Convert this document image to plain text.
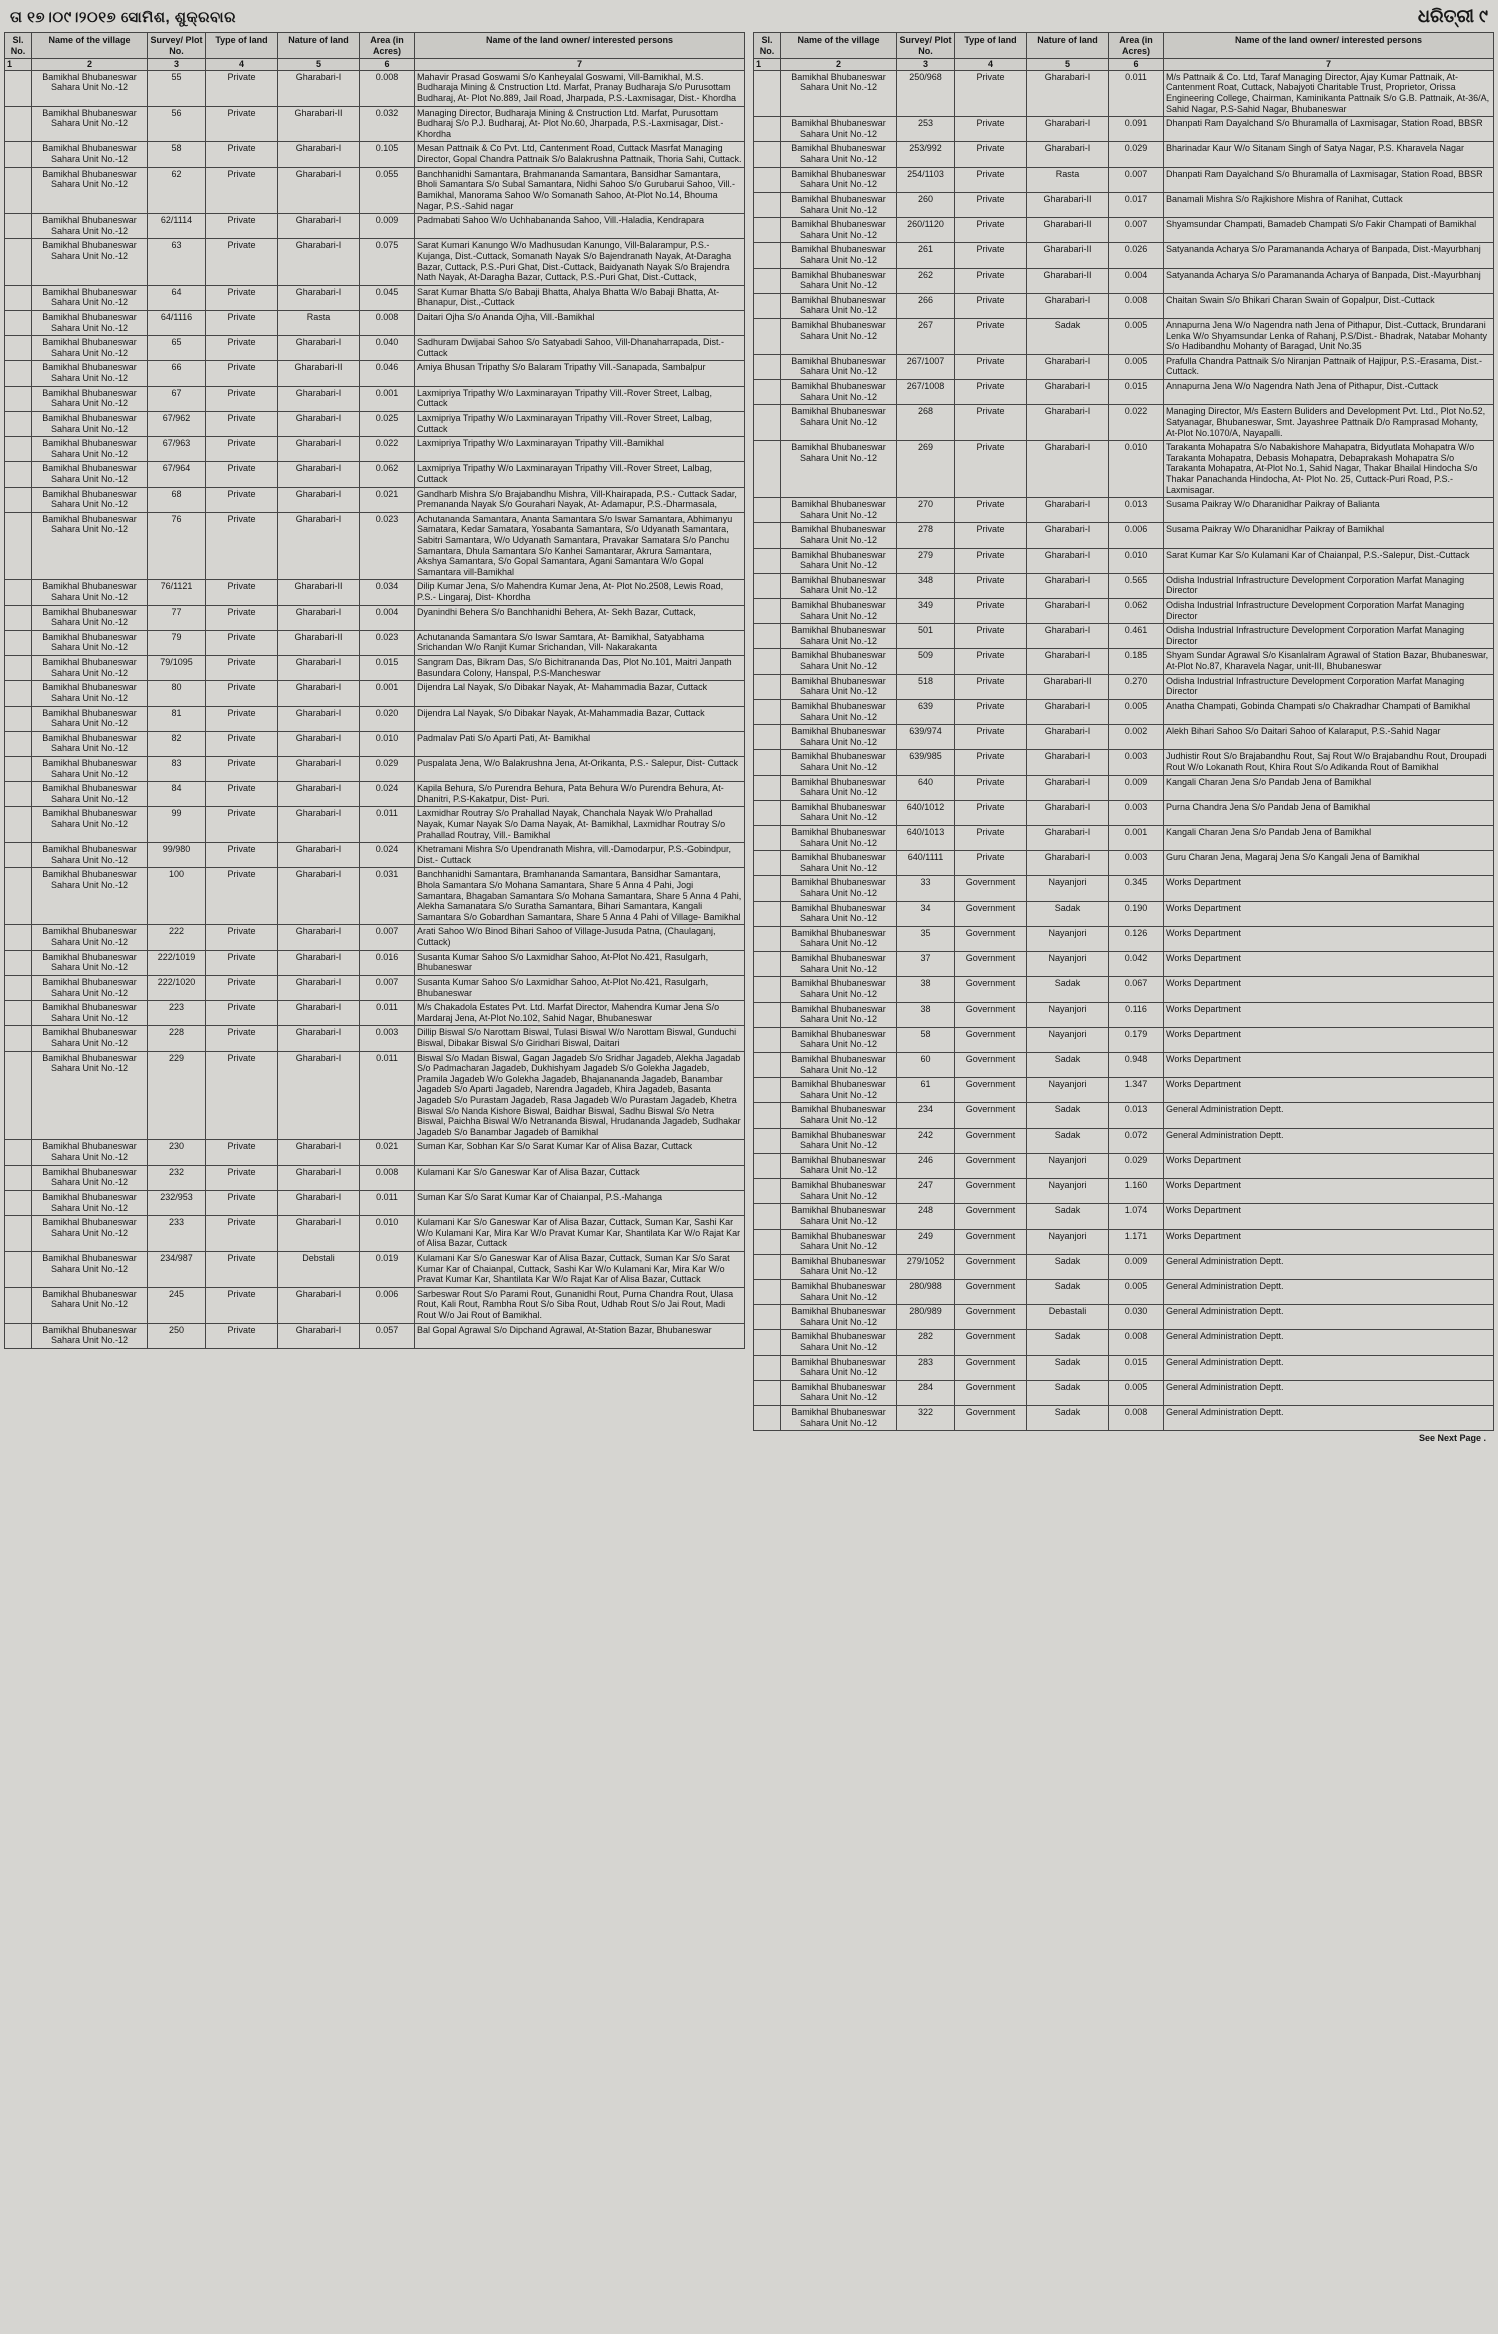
ତା ୧୭।୦୯।୨୦୧୭ ସୋମିଶ, ଶୁକ୍ରବାର	ଧରିତ୍ରୀ ୯
Sl. No.	Name of the village	Survey/ Plot No.	Type of land	Nature of land	Area (in Acres)	Name of the land owner/ interested persons
1	2	3	4	5	6	7
	Bamikhal Bhubaneswar Sahara Unit No.-12	55	Private	Gharabari-I	0.008	Mahavir Prasad Goswami S/o Kanheyalal Goswami, Vill-Bamikhal, M.S. Budharaja Mining & Cnstruction Ltd. Marfat, Pranay Budharaja S/o Purusottam Budharaj, At- Plot No.889, Jail Road, Jharpada, P.S.-Laxmisagar, Dist.- Khordha
	Bamikhal Bhubaneswar Sahara Unit No.-12	56	Private	Gharabari-II	0.032	Managing Director, Budharaja Mining & Cnstruction Ltd. Marfat, Purusottam Budharaj S/o P.J. Budharaj, At- Plot No.60, Jharpada, P.S.-Laxmisagar, Dist.-Khordha
	Bamikhal Bhubaneswar Sahara Unit No.-12	58	Private	Gharabari-I	0.105	Mesan Pattnaik & Co Pvt. Ltd, Cantenment Road, Cuttack Masrfat Managing Director, Gopal Chandra Pattnaik S/o Balakrushna Pattnaik, Thoria Sahi, Cuttack.
	Bamikhal Bhubaneswar Sahara Unit No.-12	62	Private	Gharabari-I	0.055	Banchhanidhi Samantara, Brahmananda Samantara, Bansidhar Samantara, Bholi Samantara S/o Subal Samantara, Nidhi Sahoo S/o Gurubarui Sahoo, Vill.-Bamikhal, Manorama Sahoo W/o Somanath Sahoo, At-Plot No.14, Bhouma Nagar, P.S.-Sahid nagar
	Bamikhal Bhubaneswar Sahara Unit No.-12	62/1114	Private	Gharabari-I	0.009	Padmabati Sahoo W/o Uchhabananda Sahoo, Vill.-Haladia, Kendrapara
	Bamikhal Bhubaneswar Sahara Unit No.-12	63	Private	Gharabari-I	0.075	Sarat Kumari Kanungo W/o Madhusudan Kanungo, Vill-Balarampur, P.S.-Kujanga, Dist.-Cuttack, Somanath Nayak S/o Bajendranath Nayak, At-Daragha Bazar, Cuttack, P.S.-Puri Ghat, Dist.-Cuttack, Baidyanath Nayak S/o Brajendra Nath Nayak, At-Daragha Bazar, Cuttack, P.S.-Puri Ghat, Dist.-Cuttack,
	Bamikhal Bhubaneswar Sahara Unit No.-12	64	Private	Gharabari-I	0.045	Sarat Kumar Bhatta S/o Babaji Bhatta, Ahalya Bhatta W/o Babaji Bhatta, At-Bhanapur, Dist.,-Cuttack
	Bamikhal Bhubaneswar Sahara Unit No.-12	64/1116	Private	Rasta	0.008	Daitari Ojha S/o Ananda Ojha, Vill.-Bamikhal
	Bamikhal Bhubaneswar Sahara Unit No.-12	65	Private	Gharabari-I	0.040	Sadhuram Dwijabai Sahoo S/o Satyabadi Sahoo, Vill-Dhanaharrapada, Dist.-Cuttack
	Bamikhal Bhubaneswar Sahara Unit No.-12	66	Private	Gharabari-II	0.046	Amiya Bhusan Tripathy S/o Balaram Tripathy Vill.-Sanapada, Sambalpur
	Bamikhal Bhubaneswar Sahara Unit No.-12	67	Private	Gharabari-I	0.001	Laxmipriya Tripathy W/o Laxminarayan Tripathy Vill.-Rover Street, Lalbag, Cuttack
	Bamikhal Bhubaneswar Sahara Unit No.-12	67/962	Private	Gharabari-I	0.025	Laxmipriya Tripathy W/o Laxminarayan Tripathy Vill.-Rover Street, Lalbag, Cuttack
	Bamikhal Bhubaneswar Sahara Unit No.-12	67/963	Private	Gharabari-I	0.022	Laxmipriya Tripathy W/o Laxminarayan Tripathy Vill.-Bamikhal
	Bamikhal Bhubaneswar Sahara Unit No.-12	67/964	Private	Gharabari-I	0.062	Laxmipriya Tripathy W/o Laxminarayan Tripathy Vill.-Rover Street, Lalbag, Cuttack
	Bamikhal Bhubaneswar Sahara Unit No.-12	68	Private	Gharabari-I	0.021	Gandharb Mishra S/o Brajabandhu Mishra, Vill-Khairapada, P.S.- Cuttack Sadar, Premananda Nayak S/o Gourahari Nayak, At- Adamapur, P.S.-Dharmasala,
	Bamikhal Bhubaneswar Sahara Unit No.-12	76	Private	Gharabari-I	0.023	Achutananda Samantara, Ananta Samantara S/o Iswar Samantara, Abhimanyu Samatara, Kedar Samatara, Yosabanta Samantara, S/o Udyanath Samantara, Sabitri Samantara, W/o Udyanath Samantara, Pravakar Samatara S/o Panchu Samantara, Dhula Samantara S/o Kanhei Samantarar, Akrura Samantara, Akshya Samantara, S/o Gopal Samantara, Agani Samantara W/o Gopal Samantara vill-Bamikhal
	Bamikhal Bhubaneswar Sahara Unit No.-12	76/1121	Private	Gharabari-II	0.034	Dilip Kumar Jena, S/o Mahendra Kumar Jena, At- Plot No.2508, Lewis Road, P.S.- Lingaraj, Dist- Khordha
	Bamikhal Bhubaneswar Sahara Unit No.-12	77	Private	Gharabari-I	0.004	Dyanindhi Behera S/o Banchhanidhi Behera, At- Sekh Bazar, Cuttack,
	Bamikhal Bhubaneswar Sahara Unit No.-12	79	Private	Gharabari-II	0.023	Achutananda Samantara S/o Iswar Samtara, At- Bamikhal, Satyabhama Srichandan W/o Ranjit Kumar Srichandan, Vill- Nakarakanta
	Bamikhal Bhubaneswar Sahara Unit No.-12	79/1095	Private	Gharabari-I	0.015	Sangram Das, Bikram Das, S/o Bichitrananda Das, Plot No.101, Maitri Janpath Basundara Colony, Hanspal, P.S-Mancheswar
	Bamikhal Bhubaneswar Sahara Unit No.-12	80	Private	Gharabari-I	0.001	Dijendra Lal Nayak, S/o Dibakar Nayak, At- Mahammadia Bazar, Cuttack
	Bamikhal Bhubaneswar Sahara Unit No.-12	81	Private	Gharabari-I	0.020	Dijendra Lal Nayak, S/o Dibakar Nayak, At-Mahammadia Bazar, Cuttack
	Bamikhal Bhubaneswar Sahara Unit No.-12	82	Private	Gharabari-I	0.010	Padmalav Pati S/o Aparti Pati, At- Bamikhal
	Bamikhal Bhubaneswar Sahara Unit No.-12	83	Private	Gharabari-I	0.029	Puspalata Jena, W/o Balakrushna Jena, At-Orikanta, P.S.- Salepur, Dist- Cuttack
	Bamikhal Bhubaneswar Sahara Unit No.-12	84	Private	Gharabari-I	0.024	Kapila Behura, S/o Purendra Behura, Pata Behura W/o Purendra Behura, At-Dhanitri, P.S-Kakatpur, Dist- Puri.
	Bamikhal Bhubaneswar Sahara Unit No.-12	99	Private	Gharabari-I	0.011	Laxmidhar Routray S/o Prahallad Nayak, Chanchala Nayak W/o Prahallad Nayak, Kumar Nayak S/o Dama Nayak, At- Bamikhal, Laxmidhar Routray S/o Prahallad Routray, Vill.- Bamikhal
	Bamikhal Bhubaneswar Sahara Unit No.-12	99/980	Private	Gharabari-I	0.024	Khetramani Mishra S/o Upendranath Mishra, vill.-Damodarpur, P.S.-Gobindpur, Dist.- Cuttack
	Bamikhal Bhubaneswar Sahara Unit No.-12	100	Private	Gharabari-I	0.031	Banchhanidhi Samantara, Bramhananda Samantara, Bansidhar Samantara, Bhola Samantara S/o Mohana Samantara, Share 5 Anna 4 Pahi, Jogi Samantara, Bhagaban Samantara S/o Mohana Samantara, Share 5 Anna 4 Pahi, Alekha Samanatara S/o Suratha Samantara, Bihari Samantara, Kangali Samantara S/o Gobardhan Samantara, Share 5 Anna 4 Pahi of Village- Bamikhal
	Bamikhal Bhubaneswar Sahara Unit No.-12	222	Private	Gharabari-I	0.007	Arati Sahoo W/o Binod Bihari Sahoo of Village-Jusuda Patna, (Chaulaganj, Cuttack)
	Bamikhal Bhubaneswar Sahara Unit No.-12	222/1019	Private	Gharabari-I	0.016	Susanta Kumar Sahoo S/o Laxmidhar Sahoo, At-Plot No.421, Rasulgarh, Bhubaneswar
	Bamikhal Bhubaneswar Sahara Unit No.-12	222/1020	Private	Gharabari-I	0.007	Susanta Kumar Sahoo S/o Laxmidhar Sahoo, At-Plot No.421, Rasulgarh, Bhubaneswar
	Bamikhal Bhubaneswar Sahara Unit No.-12	223	Private	Gharabari-I	0.011	M/s Chakadola Estates Pvt. Ltd. Marfat Director, Mahendra Kumar Jena S/o Mardaraj Jena, At-Plot No.102, Sahid Nagar, Bhubaneswar
	Bamikhal Bhubaneswar Sahara Unit No.-12	228	Private	Gharabari-I	0.003	Dillip Biswal S/o Narottam Biswal, Tulasi Biswal W/o Narottam Biswal, Gunduchi Biswal, Dibakar Biswal S/o Giridhari Biswal, Daitari
	Bamikhal Bhubaneswar Sahara Unit No.-12	229	Private	Gharabari-I	0.011	Biswal S/o Madan Biswal, Gagan Jagadeb S/o Sridhar Jagadeb, Alekha Jagadab S/o Padmacharan Jagadeb, Dukhishyam Jagadeb S/o Golekha Jagadeb, Pramila Jagadeb W/o Golekha Jagadeb, Bhajanananda Jagadeb, Banambar Jagadeb S/o Aparti Jagadeb, Narendra Jagadeb, Khira Jagadeb, Basanta Jagadeb S/o Purastam Jagadeb, Rasa Jagadeb W/o Purastam Jagadeb, Khetra Biswal S/o Nanda Kishore Biswal, Baidhar Biswal, Sadhu Biswal S/o Netra Biswal, Paichha Biswal W/o Netrananda Biswal, Hrudananda Jagadeb, Sudhakar Jagadeb S/o Banambar Jagadeb of Bamikhal
	Bamikhal Bhubaneswar Sahara Unit No.-12	230	Private	Gharabari-I	0.021	Suman Kar, Sobhan Kar S/o Sarat Kumar Kar of Alisa Bazar, Cuttack
	Bamikhal Bhubaneswar Sahara Unit No.-12	232	Private	Gharabari-I	0.008	Kulamani Kar S/o Ganeswar Kar of Alisa Bazar, Cuttack
	Bamikhal Bhubaneswar Sahara Unit No.-12	232/953	Private	Gharabari-I	0.011	Suman Kar S/o Sarat Kumar Kar of Chaianpal, P.S.-Mahanga
	Bamikhal Bhubaneswar Sahara Unit No.-12	233	Private	Gharabari-I	0.010	Kulamani Kar S/o Ganeswar Kar of Alisa Bazar, Cuttack, Suman Kar, Sashi Kar W/o Kulamani Kar, Mira Kar W/o Pravat Kumar Kar, Shantilata Kar W/o Rajat Kar of Alisa Bazar, Cuttack
	Bamikhal Bhubaneswar Sahara Unit No.-12	234/987	Private	Debstali	0.019	Kulamani Kar S/o Ganeswar Kar of Alisa Bazar, Cuttack, Suman Kar S/o Sarat Kumar Kar of Chaianpal, Cuttack, Sashi Kar W/o Kulamani Kar, Mira Kar W/o Pravat Kumar Kar, Shantilata Kar W/o Rajat Kar of Alisa Bazar, Cuttack
	Bamikhal Bhubaneswar Sahara Unit No.-12	245	Private	Gharabari-I	0.006	Sarbeswar Rout S/o Parami Rout, Gunanidhi Rout, Purna Chandra Rout, Ulasa Rout, Kali Rout, Rambha Rout S/o Siba Rout, Udhab Rout S/o Jai Rout, Madi Rout W/o Jai Rout of Bamikhal.
	Bamikhal Bhubaneswar Sahara Unit No.-12	250	Private	Gharabari-I	0.057	Bal Gopal Agrawal S/o Dipchand Agrawal, At-Station Bazar, Bhubaneswar
Sl. No.	Name of the village	Survey/ Plot No.	Type of land	Nature of land	Area (in Acres)	Name of the land owner/ interested persons
1	2	3	4	5	6	7
	Bamikhal Bhubaneswar Sahara Unit No.-12	250/968	Private	Gharabari-I	0.011	M/s Pattnaik & Co. Ltd, Taraf Managing Director, Ajay Kumar Pattnaik, At-Cantenment Roat, Cuttack, Nabajyoti Charitable Trust, Proprietor, Orissa Engineering College, Chairman, Kaminikanta Pattnaik S/o G.B. Pattnaik, At-36/A, Sahid Nagar, P.S-Sahid Nagar, Bhubaneswar
	Bamikhal Bhubaneswar Sahara Unit No.-12	253	Private	Gharabari-I	0.091	Dhanpati Ram Dayalchand S/o Bhuramalla of Laxmisagar, Station Road, BBSR
	Bamikhal Bhubaneswar Sahara Unit No.-12	253/992	Private	Gharabari-I	0.029	Bharinadar Kaur W/o Sitanam Singh of Satya Nagar, P.S. Kharavela Nagar
	Bamikhal Bhubaneswar Sahara Unit No.-12	254/1103	Private	Rasta	0.007	Dhanpati Ram Dayalchand S/o Bhuramalla of Laxmisagar, Station Road, BBSR
	Bamikhal Bhubaneswar Sahara Unit No.-12	260	Private	Gharabari-II	0.017	Banamali Mishra S/o Rajkishore Mishra of Ranihat, Cuttack
	Bamikhal Bhubaneswar Sahara Unit No.-12	260/1120	Private	Gharabari-II	0.007	Shyamsundar Champati, Bamadeb Champati S/o Fakir Champati of Bamikhal
	Bamikhal Bhubaneswar Sahara Unit No.-12	261	Private	Gharabari-II	0.026	Satyananda Acharya S/o Paramananda Acharya of Banpada, Dist.-Mayurbhanj
	Bamikhal Bhubaneswar Sahara Unit No.-12	262	Private	Gharabari-II	0.004	Satyananda Acharya S/o Paramananda Acharya of Banpada, Dist.-Mayurbhanj
	Bamikhal Bhubaneswar Sahara Unit No.-12	266	Private	Gharabari-I	0.008	Chaitan Swain S/o Bhikari Charan Swain of Gopalpur, Dist.-Cuttack
	Bamikhal Bhubaneswar Sahara Unit No.-12	267	Private	Sadak	0.005	Annapurna Jena W/o Nagendra nath Jena of Pithapur, Dist.-Cuttack, Brundarani Lenka W/o Shyamsundar Lenka of Rahanj, P.S/Dist.- Bhadrak, Natabar Mohanty S/o Hadibandhu Mohanty of Baragad, Unit No.35
	Bamikhal Bhubaneswar Sahara Unit No.-12	267/1007	Private	Gharabari-I	0.005	Prafulla Chandra Pattnaik S/o Niranjan Pattnaik of Hajipur, P.S.-Erasama, Dist.-Cuttack.
	Bamikhal Bhubaneswar Sahara Unit No.-12	267/1008	Private	Gharabari-I	0.015	Annapurna Jena W/o Nagendra Nath Jena of Pithapur, Dist.-Cuttack
	Bamikhal Bhubaneswar Sahara Unit No.-12	268	Private	Gharabari-I	0.022	Managing Director, M/s Eastern Buliders and Development Pvt. Ltd., Plot No.52, Satyanagar, Bhubaneswar, Smt. Jayashree Pattnaik D/o Ramprasad Mohanty, At-Plot No.1070/A, Nayapalli.
	Bamikhal Bhubaneswar Sahara Unit No.-12	269	Private	Gharabari-I	0.010	Tarakanta Mohapatra S/o Nabakishore Mahapatra, Bidyutlata Mohapatra W/o Tarakanta Mohapatra, Debasis Mohapatra, Debaprakash Mohapatra S/o Tarakanta Mohapatra, At-Plot No.1, Sahid Nagar, Thakar Bhailal Hindocha S/o Thakar Panachanda Hindocha, At- Plot No. 25, Cuttack-Puri Road, P.S.- Laxmisagar.
	Bamikhal Bhubaneswar Sahara Unit No.-12	270	Private	Gharabari-I	0.013	Susama Paikray W/o Dharanidhar Paikray of Balianta
	Bamikhal Bhubaneswar Sahara Unit No.-12	278	Private	Gharabari-I	0.006	Susama Paikray W/o Dharanidhar Paikray of Bamikhal
	Bamikhal Bhubaneswar Sahara Unit No.-12	279	Private	Gharabari-I	0.010	Sarat Kumar Kar S/o Kulamani Kar of Chaianpal, P.S.-Salepur, Dist.-Cuttack
	Bamikhal Bhubaneswar Sahara Unit No.-12	348	Private	Gharabari-I	0.565	Odisha Industrial Infrastructure Development Corporation Marfat Managing Director
	Bamikhal Bhubaneswar Sahara Unit No.-12	349	Private	Gharabari-I	0.062	Odisha Industrial Infrastructure Development Corporation Marfat Managing Director
	Bamikhal Bhubaneswar Sahara Unit No.-12	501	Private	Gharabari-I	0.461	Odisha Industrial Infrastructure Development Corporation Marfat Managing Director
	Bamikhal Bhubaneswar Sahara Unit No.-12	509	Private	Gharabari-I	0.185	Shyam Sundar Agrawal S/o Kisanlalram Agrawal of Station Bazar, Bhubaneswar, At-Plot No.87, Kharavela Nagar, unit-III, Bhubaneswar
	Bamikhal Bhubaneswar Sahara Unit No.-12	518	Private	Gharabari-II	0.270	Odisha Industrial Infrastructure Development Corporation Marfat Managing Director
	Bamikhal Bhubaneswar Sahara Unit No.-12	639	Private	Gharabari-I	0.005	Anatha Champati, Gobinda Champati s/o Chakradhar Champati of Bamikhal
	Bamikhal Bhubaneswar Sahara Unit No.-12	639/974	Private	Gharabari-I	0.002	Alekh Bihari Sahoo S/o Daitari Sahoo of Kalaraput, P.S.-Sahid Nagar
	Bamikhal Bhubaneswar Sahara Unit No.-12	639/985	Private	Gharabari-I	0.003	Judhistir Rout S/o Brajabandhu Rout, Saj Rout W/o Brajabandhu Rout, Droupadi Rout W/o Lokanath Rout, Khira Rout S/o Adikanda Rout of Bamikhal
	Bamikhal Bhubaneswar Sahara Unit No.-12	640	Private	Gharabari-I	0.009	Kangali Charan Jena S/o Pandab Jena of Bamikhal
	Bamikhal Bhubaneswar Sahara Unit No.-12	640/1012	Private	Gharabari-I	0.003	Purna Chandra Jena S/o Pandab Jena of Bamikhal
	Bamikhal Bhubaneswar Sahara Unit No.-12	640/1013	Private	Gharabari-I	0.001	Kangali Charan Jena S/o Pandab Jena of Bamikhal
	Bamikhal Bhubaneswar Sahara Unit No.-12	640/1111	Private	Gharabari-I	0.003	Guru Charan Jena, Magaraj Jena S/o Kangali Jena of Bamikhal
	Bamikhal Bhubaneswar Sahara Unit No.-12	33	Government	Nayanjori	0.345	Works Department
	Bamikhal Bhubaneswar Sahara Unit No.-12	34	Government	Sadak	0.190	Works Department
	Bamikhal Bhubaneswar Sahara Unit No.-12	35	Government	Nayanjori	0.126	Works Department
	Bamikhal Bhubaneswar Sahara Unit No.-12	37	Government	Nayanjori	0.042	Works Department
	Bamikhal Bhubaneswar Sahara Unit No.-12	38	Government	Sadak	0.067	Works Department
	Bamikhal Bhubaneswar Sahara Unit No.-12	38	Government	Nayanjori	0.116	Works Department
	Bamikhal Bhubaneswar Sahara Unit No.-12	58	Government	Nayanjori	0.179	Works Department
	Bamikhal Bhubaneswar Sahara Unit No.-12	60	Government	Sadak	0.948	Works Department
	Bamikhal Bhubaneswar Sahara Unit No.-12	61	Government	Nayanjori	1.347	Works Department
	Bamikhal Bhubaneswar Sahara Unit No.-12	234	Government	Sadak	0.013	General Administration Deptt.
	Bamikhal Bhubaneswar Sahara Unit No.-12	242	Government	Sadak	0.072	General Administration Deptt.
	Bamikhal Bhubaneswar Sahara Unit No.-12	246	Government	Nayanjori	0.029	Works Department
	Bamikhal Bhubaneswar Sahara Unit No.-12	247	Government	Nayanjori	1.160	Works Department
	Bamikhal Bhubaneswar Sahara Unit No.-12	248	Government	Sadak	1.074	Works Department
	Bamikhal Bhubaneswar Sahara Unit No.-12	249	Government	Nayanjori	1.171	Works Department
	Bamikhal Bhubaneswar Sahara Unit No.-12	279/1052	Government	Sadak	0.009	General Administration Deptt.
	Bamikhal Bhubaneswar Sahara Unit No.-12	280/988	Government	Sadak	0.005	General Administration Deptt.
	Bamikhal Bhubaneswar Sahara Unit No.-12	280/989	Government	Debastali	0.030	General Administration Deptt.
	Bamikhal Bhubaneswar Sahara Unit No.-12	282	Government	Sadak	0.008	General Administration Deptt.
	Bamikhal Bhubaneswar Sahara Unit No.-12	283	Government	Sadak	0.015	General Administration Deptt.
	Bamikhal Bhubaneswar Sahara Unit No.-12	284	Government	Sadak	0.005	General Administration Deptt.
	Bamikhal Bhubaneswar Sahara Unit No.-12	322	Government	Sadak	0.008	General Administration Deptt.
See Next Page .
